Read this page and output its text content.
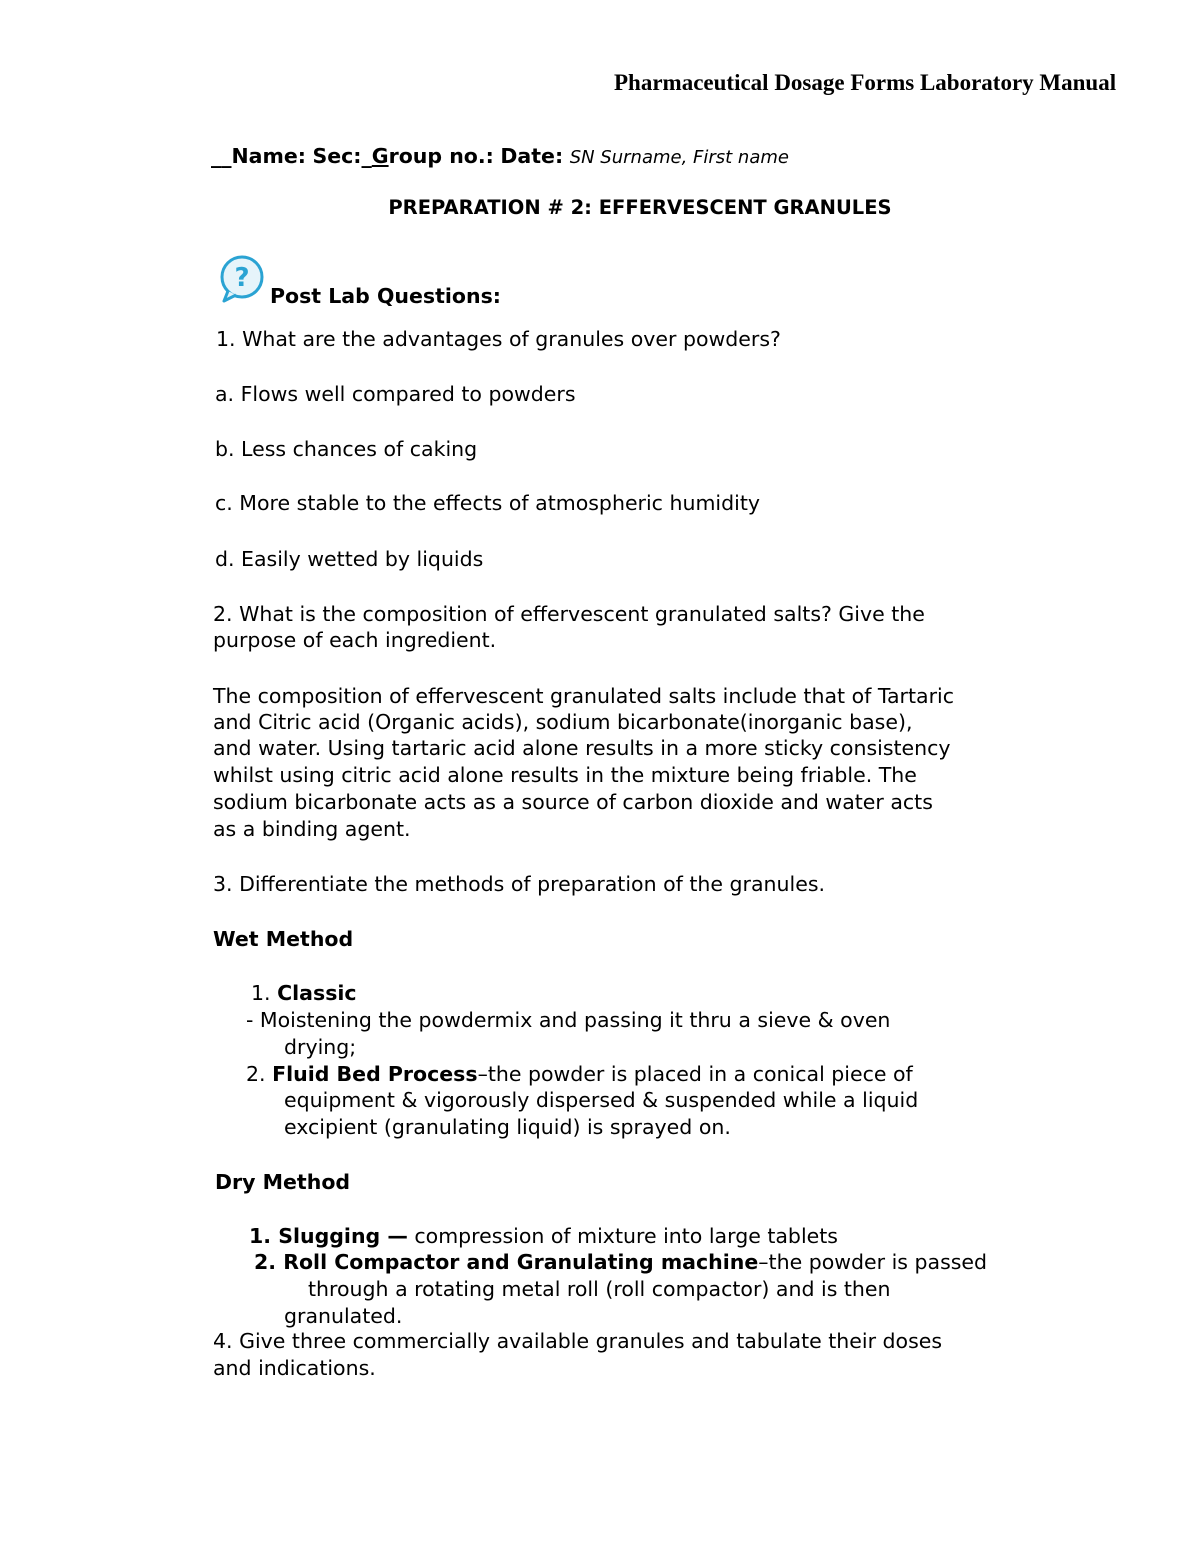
Pharmaceutical Dosage Forms Laboratory Manual
__Name: Sec:_Group no.: Date: SN Surname, First name
PREPARATION # 2: EFFERVESCENT GRANULES
?
Post Lab Questions:
1. What are the advantages of granules over powders?
a. Flows well compared to powders
b. Less chances of caking
c. More stable to the effects of atmospheric humidity
d. Easily wetted by liquids
2. What is the composition of effervescent granulated salts? Give the
purpose of each ingredient.
The composition of effervescent granulated salts include that of Tartaric
and Citric acid (Organic acids), sodium bicarbonate(inorganic base),
and water. Using tartaric acid alone results in a more sticky consistency
whilst using citric acid alone results in the mixture being friable. The
sodium bicarbonate acts as a source of carbon dioxide and water acts
as a binding agent.
3. Differentiate the methods of preparation of the granules.
Wet Method
1. Classic
- Moistening the powdermix and passing it thru a sieve & oven
drying;
2. Fluid Bed Process–the powder is placed in a conical piece of
equipment & vigorously dispersed & suspended while a liquid
excipient (granulating liquid) is sprayed on.
Dry Method
1. Slugging — compression of mixture into large tablets
2. Roll Compactor and Granulating machine–the powder is passed
through a rotating metal roll (roll compactor) and is then
granulated.
4. Give three commercially available granules and tabulate their doses
and indications.
